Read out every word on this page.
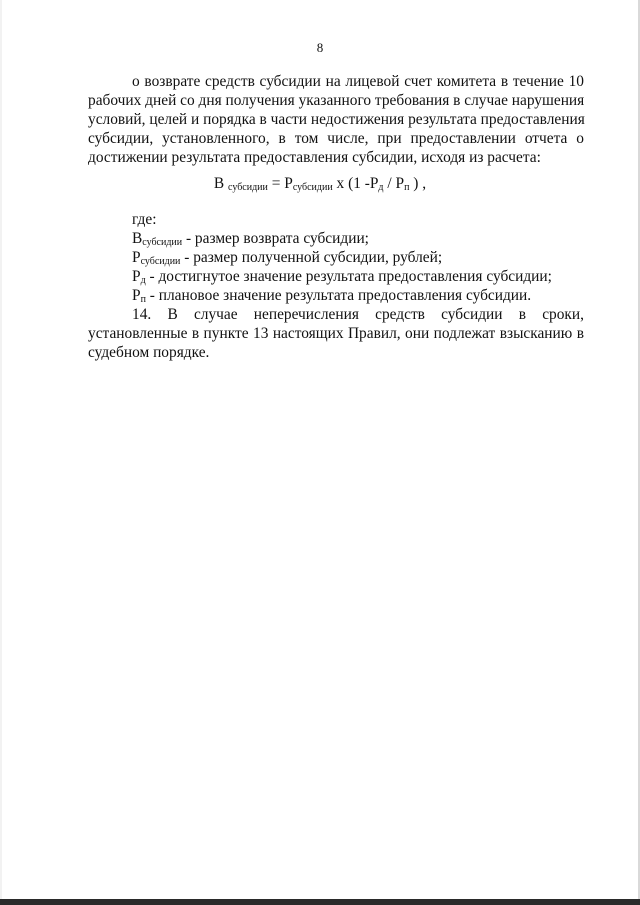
8
о возврате средств субсидии на лицевой счет комитета в течение 10
рабочих дней со дня получения указанного требования в случае нарушения
условий, целей и порядка в части недостижения результата предоставления
субсидии, установленного, в том числе, при предоставлении отчета о
достижении результата предоставления субсидии, исходя из расчета:
В $_{субсидии} = Р_{субсидии}$ х (1 $-Р_д / Р_п$ ) ,
где:
$В_{субсидии}$ - размер возврата субсидии;
$Р_{субсидии}$ - размер полученной субсидии, рублей;
$Р_д$ - достигнутое значение результата предоставления субсидии;
$Р_п$ - плановое значение результата предоставления субсидии.
14. В случае неперечисления средств субсидии в сроки,
установленные в пункте 13 настоящих Правил, они подлежат взысканию в
судебном порядке.
